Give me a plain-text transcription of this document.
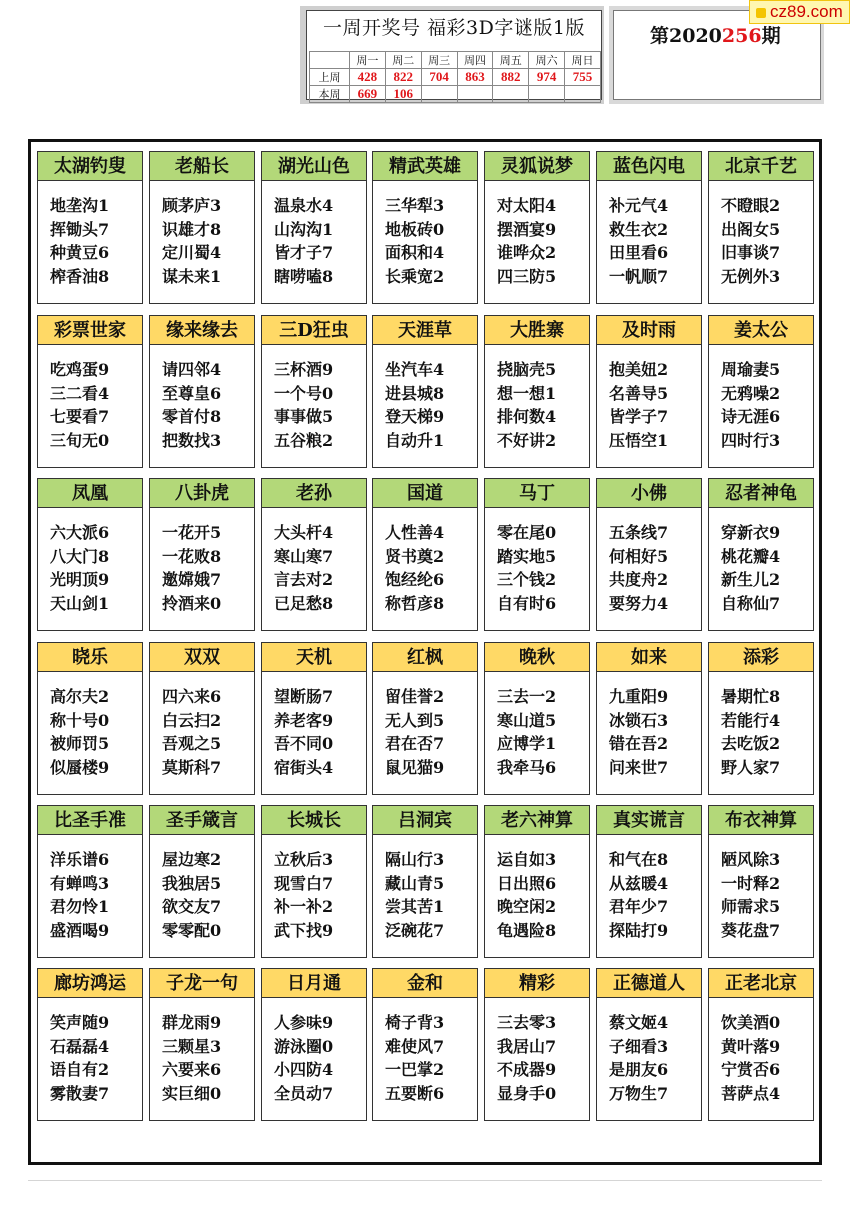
一周开奖号 福彩3D字谜版1版
	周一	周二	周三	周四	周五	周六	周日
上周	428	822	704	863	882	974	755
本周	669	106					
第2020256期
cz89.com
太湖钓叟
地垄沟1
挥锄头7
种黄豆6
榨香油8
老船长
顾茅庐3
识雄才8
定川蜀4
谋未来1
湖光山色
温泉水4
山沟沟1
皆才子7
瞎唠嗑8
精武英雄
三华犁3
地板砖0
面积和4
长乘宽2
灵狐说梦
对太阳4
摆酒宴9
谁哗众2
四三防5
蓝色闪电
补元气4
救生衣2
田里看6
一帆顺7
北京千艺
不瞪眼2
出阁女5
旧事谈7
无例外3
彩票世家
吃鸡蛋9
三二看4
七要看7
三旬无0
缘来缘去
请四邻4
至尊皇6
零首付8
把数找3
三D狂虫
三杯酒9
一个号0
事事做5
五谷粮2
天涯草
坐汽车4
进县城8
登天梯9
自动升1
大胜寨
挠脑壳5
想一想1
排何数4
不好讲2
及时雨
抱美妞2
名善导5
皆学子7
压悟空1
姜太公
周瑜妻5
无鸦噪2
诗无涯6
四时行3
凤凰
六大派6
八大门8
光明顶9
天山剑1
八卦虎
一花开5
一花败8
邀嫦娥7
拎酒来0
老孙
大头杆4
寒山寒7
言去对2
已足愁8
国道
人性善4
贤书奠2
饱经纶6
称哲彦8
马丁
零在尾0
踏实地5
三个钱2
自有时6
小佛
五条线7
何相好5
共度舟2
要努力4
忍者神龟
穿新衣9
桃花瓣4
新生儿2
自称仙7
晓乐
高尔夫2
称十号0
被师罚5
似蜃楼9
双双
四六来6
白云扫2
吾观之5
莫斯科7
天机
望断肠7
养老客9
吾不同0
宿街头4
红枫
留佳誉2
无人到5
君在否7
鼠见猫9
晚秋
三去一2
寒山道5
应博学1
我牵马6
如来
九重阳9
冰锁石3
错在吾2
问来世7
添彩
暑期忙8
若能行4
去吃饭2
野人家7
比圣手准
洋乐谱6
有蝉鸣3
君勿怜1
盛酒喝9
圣手箴言
屋边寒2
我独居5
欲交友7
零零配0
长城长
立秋后3
现雪白7
补一补2
武下找9
吕洞宾
隔山行3
藏山青5
尝其苦1
泛碗花7
老六神算
运自如3
日出照6
晚空闲2
龟遇险8
真实谎言
和气在8
从兹暖4
君年少7
探陆打9
布衣神算
陋风除3
一时释2
师需求5
葵花盘7
廊坊鸿运
笑声随9
石磊磊4
语自有2
雾散妻7
子龙一句
群龙雨9
三颗星3
六要来6
实巨细0
日月通
人参味9
游泳圈0
小四防4
全员动7
金和
椅子背3
难使风7
一巴掌2
五要断6
精彩
三去零3
我居山7
不成器9
显身手0
正德道人
蔡文姬4
子细看3
是朋友6
万物生7
正老北京
饮美酒0
黄叶落9
宁赏否6
菩萨点4
